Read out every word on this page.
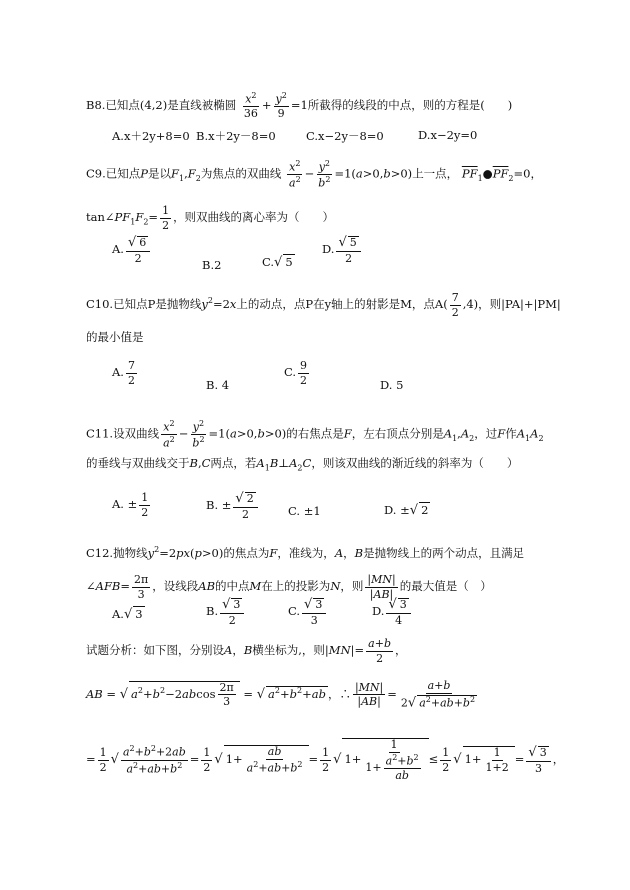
B8.已知点(4,2)是直线被椭圆 $\frac{x^2}{36} + \frac{y^2}{9} =1$所截得的线段的中点，则的方程是(　　)
A.x＋2y+8=0 B.x＋2y－8=0	C.x−2y－8=0	D.x−2y=0
C9.已知点P是以$F_1,F_2$为焦点的双曲线 $\frac{x^2}{a^2} - \frac{y^2}{b^2} =1(a>0,b>0)$上一点， $\overline{PF}_1●\overline{PF}_2=0$，
$\tan\angle PF_1F_2= \frac{1}{2}$ ，则双曲线的离心率为（　　）
A. $\frac{√ 6}{2}$
B.2	C.√ 5
D. $\frac{√ 5}{2}$
C10.已知点P是抛物线$y^2=2x$上的动点，点P在y轴上的射影是M，点$A( \frac{7}{2} ,4)$，则|PA|+|PM|
的最小值是
A. $\frac{7}{2}$	B. 4
C. $\frac{9}{2}$	D. 5
C11.设双曲线 $\frac{x^2}{a^2} - \frac{y^2}{b^2} =1(a>0,b>0)$的右焦点是F，左右顶点分别是$A_1,A_2$，过F作$A_1A_2$
的垂线与双曲线交于B,C两点，若$A_1B\perp A_2C$，则该双曲线的渐近线的斜率为（　　）
A. ± $\frac{1}{2}$	B. ± $\frac{√ 2}{2}$	C. ±1	D. ±√ 2
C12.抛物线$y^2=2px(p>0)$的焦点为F，准线为，A，B是抛物线上的两个动点，且满足
∠AFB= $\frac{2\pi}{3}$ ，设线段AB的中点M在上的投影为N，则 $\frac{|MN|}{|AB|}$ 的最大值是（　）
A.√ 3	B. $\frac{√ 3}{2}$	C. $\frac{√ 3}{3}$	D. $\frac{√ 3}{4}$
试题分析：如下图，分别设A，B横坐标为,，则$|MN|= \frac{a+b}{2}$ ，
AB = √ $a^2+b^2-2abcos \frac{2\pi}{3}$ = √ $a^2+b^2+ab$ ，∴ $\frac{|MN|}{|AB|} = \frac{a+b}{2√ a^2+ab+b^2}$
= $\frac{1}{2}$ √ $\frac{a^2+b^2+2ab}{a^2+ab+b^2} = \frac{1}{2}$ √ $1+ \frac{ab}{a^2+ab+b^2} = \frac{1}{2}$ √ $1+ \frac{1}{1+ \frac{a^2+b^2}{ab}} \le \frac{1}{2}$ √ $1+ \frac{1}{1+2} = \frac{√ 3}{3}$ ，
